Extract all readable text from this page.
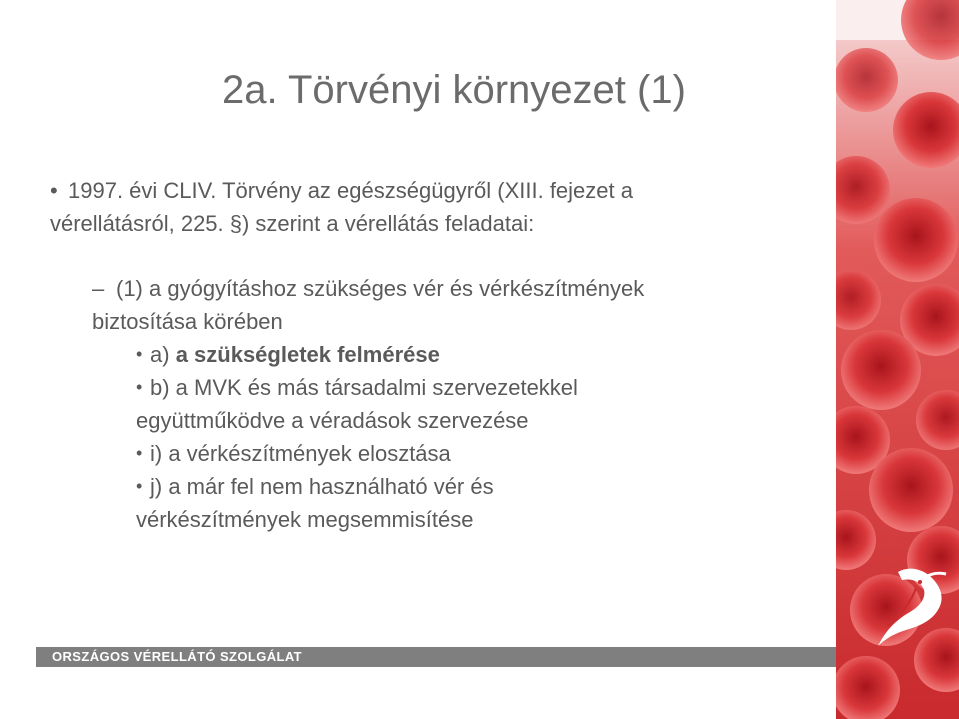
2a. Törvényi környezet (1)
• 1997. évi CLIV. Törvény az egészségügyről (XIII. fejezet a
vérellátásról, 225. §) szerint a vérellátás feladatai:
– (1) a gyógyításhoz szükséges vér és vérkészítmények
biztosítása körében
• a) a szükségletek felmérése
• b) a MVK és más társadalmi szervezetekkel
együttműködve a véradások szervezése
• i) a vérkészítmények elosztása
• j) a már fel nem használható vér és
vérkészítmények megsemmisítése
ORSZÁGOS VÉRELLÁTÓ SZOLGÁLAT
